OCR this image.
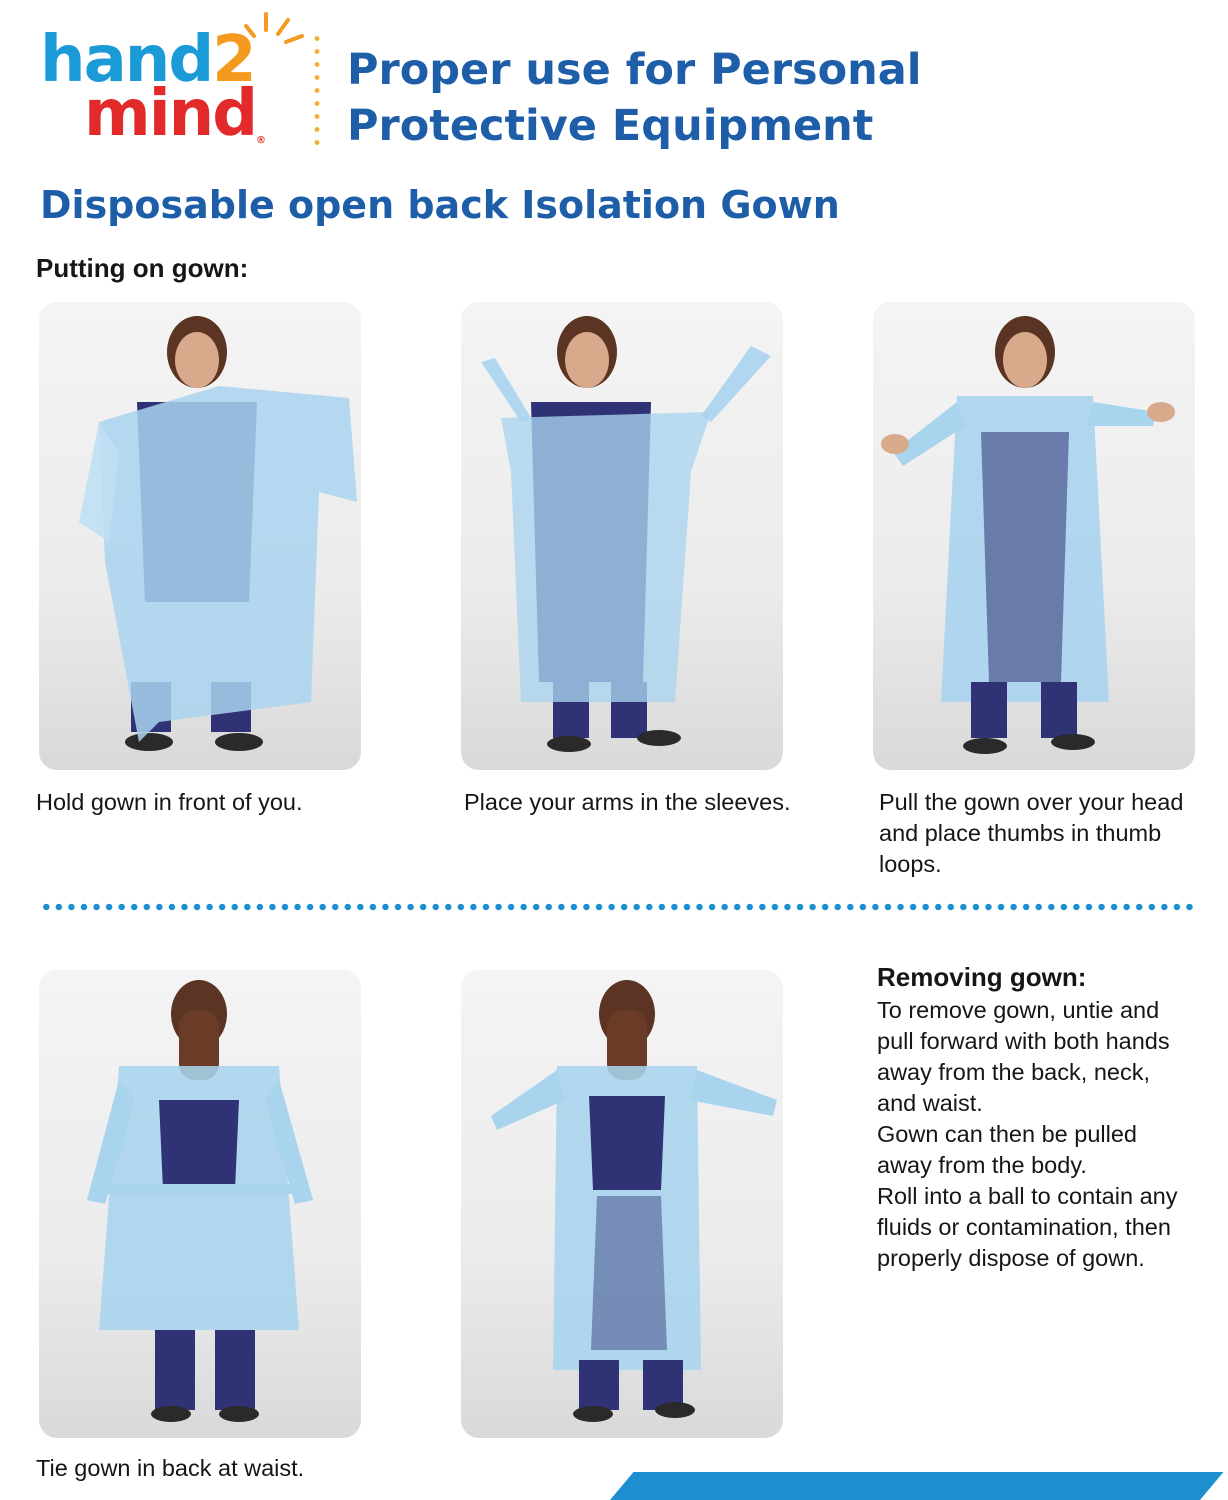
hand2
mind®
Proper use for Personal
Protective Equipment
Disposable open back Isolation Gown
Putting on gown:

Hold gown in front of you.	Place your arms in the sleeves.	Pull the gown over your head and place thumbs in thumb loops.

Removing gown:

To remove gown, untie and
pull forward with both hands
away from the back, neck,
and waist.
Gown can then be pulled
away from the body.
Roll into a ball to contain any
fluids or contamination, then
properly dispose of gown.

Tie gown in back at waist.
